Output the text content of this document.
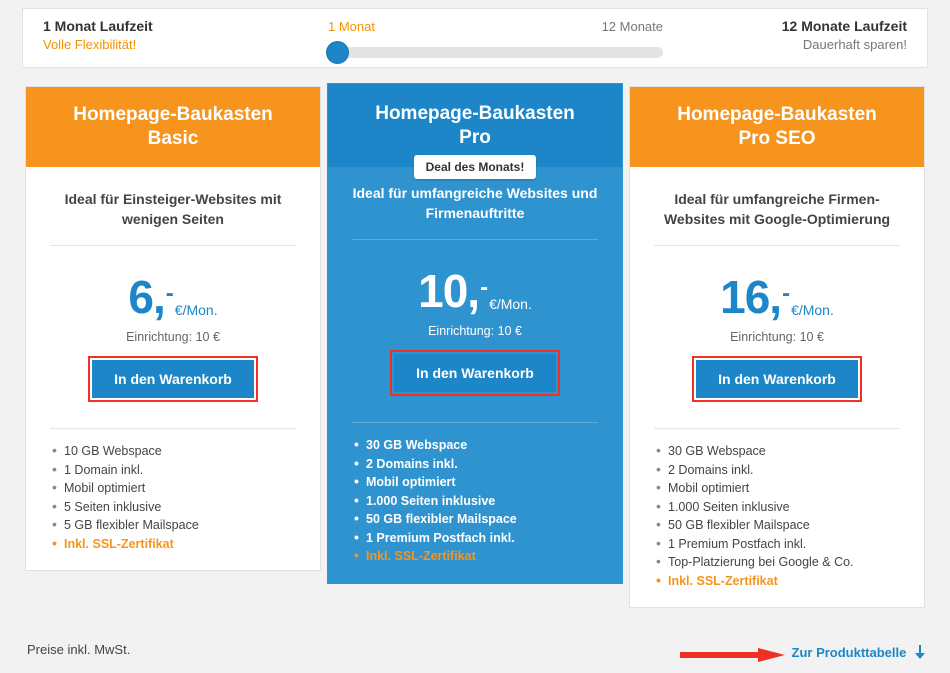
1 Monat Laufzeit
Volle Flexibilität!
1 Monat	12 Monate	12 Monate Laufzeit
Dauerhaft sparen!
Homepage-Baukasten
Basic
Ideal für Einsteiger-Websites mit wenigen Seiten
6,-€/Mon.
Einrichtung: 10 €
In den Warenkorb
• 10 GB Webspace
• 1 Domain inkl.
• Mobil optimiert
• 5 Seiten inklusive
• 5 GB flexibler Mailspace
• Inkl. SSL-Zertifikat
Homepage-Baukasten
Pro
Deal des Monats!
Ideal für umfangreiche Websites und Firmenauftritte
10,-€/Mon.
Einrichtung: 10 €
In den Warenkorb
• 30 GB Webspace
• 2 Domains inkl.
• Mobil optimiert
• 1.000 Seiten inklusive
• 50 GB flexibler Mailspace
• 1 Premium Postfach inkl.
• Inkl. SSL-Zertifikat
Homepage-Baukasten
Pro SEO
Ideal für umfangreiche Firmen-Websites mit Google-Optimierung
16,-€/Mon.
Einrichtung: 10 €
In den Warenkorb
• 30 GB Webspace
• 2 Domains inkl.
• Mobil optimiert
• 1.000 Seiten inklusive
• 50 GB flexibler Mailspace
• 1 Premium Postfach inkl.
• Top-Platzierung bei Google & Co.
• Inkl. SSL-Zertifikat
Preise inkl. MwSt.	Zur Produkttabelle
